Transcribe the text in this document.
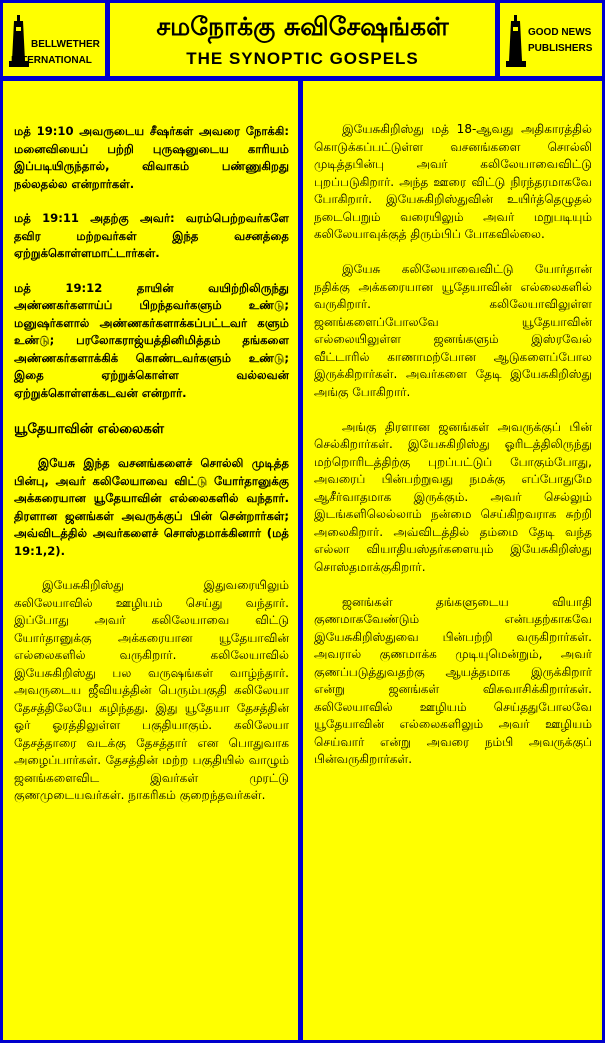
BELLWETHER
INTERNATIONAL
சமநோக்கு சுவிசேஷங்கள்
THE SYNOPTIC GOSPELS
GOOD NEWS
PUBLISHERS

மத் 19:10 அவருடைய சீஷர்கள் அவரை நோக்கி: மனைவியைப் பற்றி புருஷனுடைய காரியம் இப்படியிருந்தால், விவாகம் பண்ணுகிறது நல்லதல்ல என்றார்கள்.

மத் 19:11 அதற்கு அவர்: வரம்பெற்றவர்களே தவிர மற்றவர்கள் இந்த வசனத்தை ஏற்றுக்கொள்ளமாட்டார்கள்.

மத் 19:12 தாயின் வயிற்றிலிருந்து அண்ணகர்களாய்ப் பிறந்தவர்களும் உண்டு; மனுஷர்களால் அண்ணகர்களாக்கப்பட்டவர் களும் உண்டு; பரலோகராஜ்யத்தினிமித்தம் தங்களை அண்ணகர்களாக்கிக் கொண்டவர்களும் உண்டு; இதை ஏற்றுக்கொள்ள வல்லவன் ஏற்றுக்கொள்ளக்கடவன் என்றார்.

யூதேயாவின் எல்லைகள்

இயேசு இந்த வசனங்களைச் சொல்லி முடித்த பின்பு, அவர் கலிலேயாவை விட்டு யோர்தானுக்கு அக்கரையான யூதேயாவின் எல்லைகளில் வந்தார். திரளான ஜனங்கள் அவருக்குப் பின் சென்றார்கள்; அவ்விடத்தில் அவர்களைச் சொஸ்தமாக்கினார் (மத் 19:1,2).

இயேசுகிறிஸ்து இதுவரையிலும் கலிலேயாவில் ஊழியம் செய்து வந்தார். இப்போது அவர் கலிலேயாவை விட்டு யோர்தானுக்கு அக்கரையான யூதேயாவின் எல்லைகளில் வருகிறார். கலிலேயாவில் இயேசுகிறிஸ்து பல வருஷங்கள் வாழ்ந்தார். அவருடைய ஜீவியத்தின் பெரும்பகுதி கலிலேயா தேசத்திலேயே கழிந்தது. இது யூதேயா தேசத்தின் ஓர் ஓரத்திலுள்ள பகுதியாகும். கலிலேயா தேசத்தாரை வடக்கு தேசத்தார் என பொதுவாக அழைப்பார்கள். தேசத்தின் மற்ற பகுதியில் வாழும் ஜனங்களைவிட இவர்கள் முரட்டு குணமுடையவர்கள். நாகரிகம் குறைந்தவர்கள்.

இயேசுகிறிஸ்து மத் 18-ஆவது அதிகாரத்தில் கொடுக்கப்பட்டுள்ள வசனங்களை சொல்லி முடித்தபின்பு அவர் கலிலேயாவைவிட்டு புறப்படுகிறார். அந்த ஊரை விட்டு நிரந்தரமாகவே போகிறார். இயேசுகிறிஸ்துவின் உயிர்த்தெழுதல் நடைபெறும் வரையிலும் அவர் மறுபடியும் கலிலேயாவுக்குத் திரும்பிப் போகவில்லை.

இயேசு கலிலேயாவைவிட்டு யோர்தான் நதிக்கு அக்கரையான யூதேயாவின் எல்லைகளில் வருகிறார். கலிலேயாவிலுள்ள ஜனங்களைப்போலவே யூதேயாவின் எல்லையிலுள்ள ஜனங்களும் இஸ்ரவேல் வீட்டாரில் காணாமற்போன ஆடுகளைப்போல இருக்கிறார்கள். அவர்களை தேடி இயேசுகிறிஸ்து அங்கு போகிறார்.

அங்கு திரளான ஜனங்கள் அவருக்குப் பின் செல்கிறார்கள். இயேசுகிறிஸ்து ஓரிடத்திலிருந்து மற்றொரிடத்திற்கு புறப்பட்டுப் போகும்போது, அவரைப் பின்பற்றுவது நமக்கு எப்போதுமே ஆசீர்வாதமாக இருக்கும். அவர் செல்லும் இடங்களிலெல்லாம் நன்மை செய்கிறவராக சுற்றி அலைகிறார். அவ்விடத்தில் தம்மை தேடி வந்த எல்லா வியாதியஸ்தர்களையும் இயேசுகிறிஸ்து சொஸ்தமாக்குகிறார்.

ஜனங்கள் தங்களுடைய வியாதி குணமாகவேண்டும் என்பதற்காகவே இயேசுகிறிஸ்துவை பின்பற்றி வருகிறார்கள். அவரால் குணமாக்க முடியுமென்றும், அவர் குணப்படுத்துவதற்கு ஆயத்தமாக இருக்கிறார் என்று ஜனங்கள் விசுவாசிக்கிறார்கள். கலிலேயாவில் ஊழியம் செய்ததுபோலவே யூதேயாவின் எல்லைகளிலும் அவர் ஊழியம் செய்வார் என்று அவரை நம்பி அவருக்குப் பின்வருகிறார்கள்.
